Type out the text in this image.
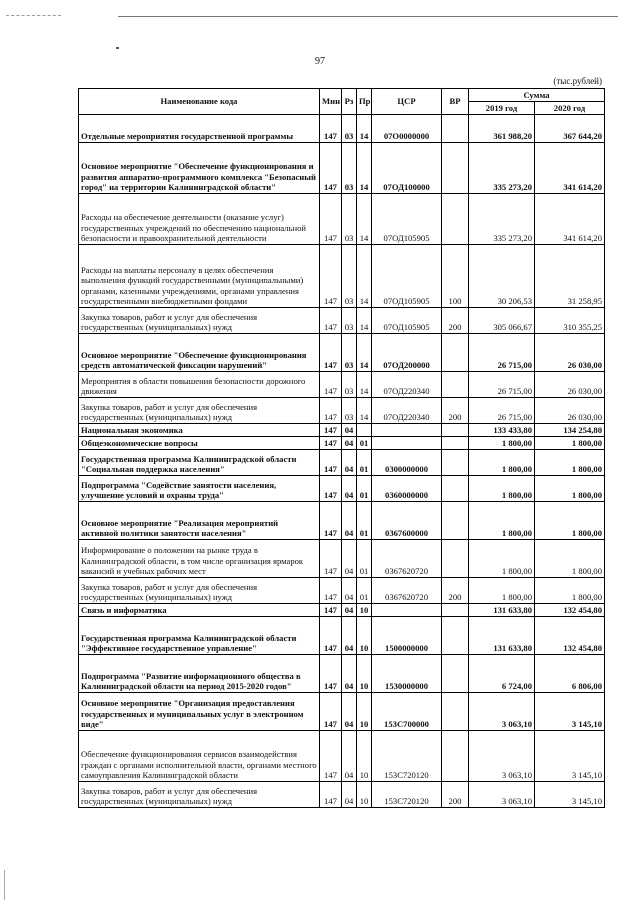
97
(тыс.рублей)
Наименование кода	Мин	Рз	Пр	ЦСР	ВР	Сумма	
						2019 год	2020 год
Отдельные мероприятия государственной программы	147	03	14	07О0000000		361 988,20	367 644,20
Основное мероприятие "Обеспечение функционирования и развития аппаратно-программного комплекса "Безопасный город" на территории Калининградской области"	147	03	14	07ОД100000		335 273,20	341 614,20
Расходы на обеспечение деятельности (оказание услуг) государственных учреждений по обеспечению национальной безопасности и правоохранительной деятельности	147	03	14	07ОД105905		335 273,20	341 614,20
Расходы на выплаты персоналу в целях обеспечения выполнения функций государственными (муниципальными) органами, казенными учреждениями, органами управления государственными внебюджетными фондами	147	03	14	07ОД105905	100	30 206,53	31 258,95
Закупка товаров, работ и услуг для обеспечения государственных (муниципальных) нужд	147	03	14	07ОД105905	200	305 066,67	310 355,25
Основное мероприятие "Обеспечение функционирования средств автоматической фиксации нарушений"	147	03	14	07ОД200000		26 715,00	26 030,00
Мероприятия в области повышения безопасности дорожного движения	147	03	14	07ОД220340		26 715,00	26 030,00
Закупка товаров, работ и услуг для обеспечения государственных (муниципальных) нужд	147	03	14	07ОД220340	200	26 715,00	26 030,00
Национальная экономика	147	04				133 433,80	134 254,80
Общеэкономические вопросы	147	04	01			1 800,00	1 800,00
Государственная программа Калининградской области "Социальная поддержка населения"	147	04	01	0300000000		1 800,00	1 800,00
Подпрограмма "Содействие занятости населения, улучшение условий и охраны труда"	147	04	01	0360000000		1 800,00	1 800,00
Основное мероприятие "Реализация мероприятий активной политики занятости населения"	147	04	01	0367600000		1 800,00	1 800,00
Информирование о положении на рынке труда в Калининградской области, в том числе организация ярмарок вакансий и учебных рабочих мест	147	04	01	0367620720		1 800,00	1 800,00
Закупка товаров, работ и услуг для обеспечения государственных (муниципальных) нужд	147	04	01	0367620720	200	1 800,00	1 800,00
Связь и информатика	147	04	10			131 633,80	132 454,80
Государственная программа Калининградской области "Эффективное государственное управление"	147	04	10	1500000000		131 633,80	132 454,80
Подпрограмма "Развитие информационного общества в Калининградской области на период 2015-2020 годов"	147	04	10	1530000000		6 724,00	6 806,00
Основное мероприятие "Организация предоставления государственных и муниципальных услуг в электронном виде"	147	04	10	153С700000		3 063,10	3 145,10
Обеспечение функционирования сервисов взаимодействия граждан с органами исполнительной власти, органами местного самоуправления Калининградской области	147	04	10	153С720120		3 063,10	3 145,10
Закупка товаров, работ и услуг для обеспечения государственных (муниципальных) нужд	147	04	10	153С720120	200	3 063,10	3 145,10
